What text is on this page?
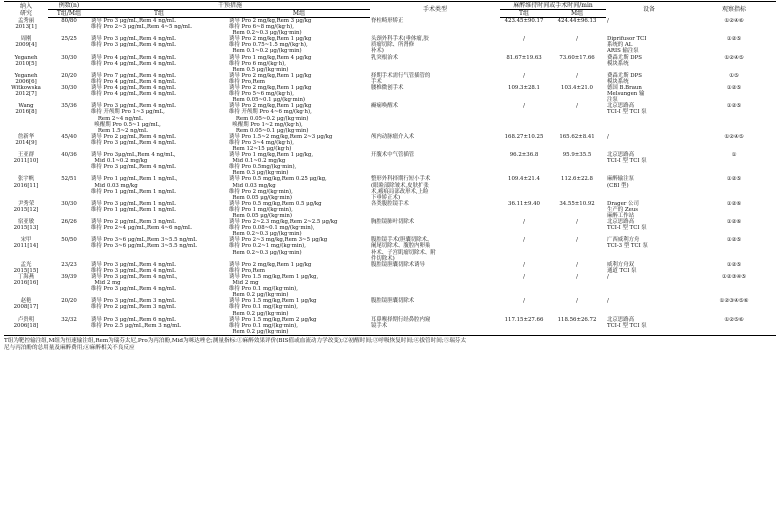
纳入
研究	例数(n)	干预措施		手术类型	麻醉维持时间或手术时间/min		设备	观察指标
	T组/M组	T组	M组		T组	M组		
孟秀丽
2013[1]	80/80	诱导 Pro 3 μg/mL,Rem 4 ng/mL
维持 Pro 2~3 μg/mL,Rem 4~5 ng/mL	诱导 Pro 2 mg/kg,Rem 3 μg/kg
维持 Pro 6~8 mg/(kg·h),
Rem 0.2~0.3 μg/(kg·min)	脊柱畸形矫正	423.45±90.17	424.44±96.13	/	①②④⑥
周刚
2009[4]	25/25	诱导 Pro 3 μg/mL,Rem 4 ng/mL
维持 Pro 3 μg/mL,Rem 4 ng/mL	诱导 Pro 2 mg/kg,Rem 1 μg/kg
维持 Pro 0.75~1.5 mg/(kg·h),
Rem 0.1~0.2 μg/(kg·min)	头颈外科手术(垂体瘤,胶
质瘤切除、所肾修
补术)	/	/	Diprifusor TCI
系统的 AL
ARIS 输注泵	①②⑤
Yeganeh
2010[5]	30/30	诱导 Pro 4 μg/mL,Rem 4 ng/mL
维持 Pro 4 μg/mL,Rem 4 ng/mL	诱导 Pro 1 mg/kg,Rem 4 μg/kg
维持 Pro 6 mg/(kg·h),
Rem 0.5 μg/(kg·min)	乳突根治术	81.67±19.63	73.60±17.66	费森尤斯 DPS
模块系统	①②④⑤
Yeganeh
2006[6]	20/20	诱导 Pro 7 μg/mL,Rem 4 ng/mL
维持 Pro 4 μg/mL,Rem 4 ng/mL	诱导 Pro 2 mg/kg,Rem 1 μg/kg
维持 Pro,Rem	择期手术需行气管插管的
手术	/	/	费森尤斯 DPS
模块系统	①⑤
Witkowska
2012[7]	30/30	诱导 Pro 4 μg/mL,Rem 4 ng/mL
维持 Pro 4 μg/mL,Rem 4 ng/mL	诱导 Pro 2 mg/kg,Rem 1 μg/kg
维持 Pro 5~6 mg/(kg·h),
Rem 0.05~0.1 μg/(kg·min)	腰椎微创手术	109.3±28.1	103.4±21.0	德国 B.Braun
Melsungen 输
注泵	①②⑤
Wang
2016[8]	35/36	诱导 Pro 3 μg/mL,Rem 4 ng/mL
维持 开颅期 Pro 1~3 μg/mL,
Rem 2~4 ng/mL
唤醒期 Pro 0.5~1 μg/mL,
Rem 1.5~2 ng/mL	诱导 Pro 2 mg/kg,Rem 1 μg/kg
维持 开颅期 Pro 4~6 mg/(kg·h),
Rem 0.05~0.2 μg/(kg·min)
唤醒期 Pro 1~2 mg/(kg·h),
Rem 0.05~0.1 μg/(kg·min)	癫痫唤醒术	/	/	北京思路高
TCI-I 型 TCI 泵	①②⑤
詹新华
2014[9]	45/40	诱导 Pro 2 μg/mL,Rem 4 ng/mL
维持 Pro 3 μg/mL,Rem 4 ng/mL	诱导 Pro 1.5~2 mg/kg,Rem 2~3 μg/kg
维持 Pro 3~4 mg/(kg·h),
Rem 12~15 μg/(kg·h)	颅内动脉瘤介入术	168.27±10.25	165.62±8.41	/	①②④⑤
王亚群
2011[10]	40/36	诱导 Pro 3μg/mL,Rem 4 ng/mL,
Mid 0.1~0.2 mg/kg
维持 Pro 3 μg/mL,Rem 4 ng/mL	诱导 Pro 1 mg/kg,Rem 1 μg/kg,
Mid 0.1~0.2 mg/kg
维持 Pro 0.5mg/(kg·min),
Rem 0.3 μg/(kg·min)	开腹术中气管插管	96.2±36.8	95.9±35.5	北京思路高
TCI-I 型 TCI 泵	①
张宇帆
2016[11]	52/51	诱导 Pro 1 μg/mL,Rem 1 ng/mL,
Mid 0.03 mg/kg
维持 Pro 1 μg/mL,Rem 1 ng/mL	诱导 Pro 0.5 mg/kg,Rem 0.25 μg/kg,
Mid 0.03 mg/kg
维持 Pro 2 mg/(kg·min),
Rem 0.05 μg/(kg·min)	整形外科择期行短小手术
(眼睑部除皱术,皮肤扩张
术,瘢痕局部改形术,上睑
下垂矫正术)	109.4±21.4	112.6±22.8	麻醉输注泵
(CBI 型)	①②⑤
尹秀荣
2015[12]	30/30	诱导 Pro 3 μg/mL,Rem 1 ng/mL
维持 Pro 1 μg/mL,Rem 1 ng/mL	诱导 Pro 0.5 mg/kg,Rem 0.5 μg/kg
维持 Pro 1 mg/(kg·min),
Rem 0.05 μg/(kg·min)	各类腹腔镜手术	36.11±9.40	34.55±10.92	Drager 公司
生产的 Zeus
麻醉工作站	①②⑥
宿亚敏
2015[13]	26/26	诱导 Pro 2 μg/mL,Rem 3 ng/mL
维持 Pro 2~4 μg/mL,Rem 4~6 ng/mL	诱导 Pro 2~2.3 mg/kg,Rem 2~2.5 μg/kg
维持 Pro 0.08~0.1 mg/(kg·min),
Rem 0.2~0.3 μg/(kg·min)	胸腔镜肺叶切除术	/	/	北京思路高
TCI-I 型 TCI 泵	①②⑥
宋甲
2011[14]	50/50	诱导 Pro 3~6 μg/mL,Rem 3~5.5 ng/mL
维持 Pro 3~6 μg/mL,Rem 3~5.5 ng/mL	诱导 Pro 2~3 mg/kg,Rem 3~5 μg/kg
维持 Pro 0.2~1 mg/(kg·min),
Rem 0.2~0.3 μg/(kg·min)	腹腔镜手术(胆囊切除术、
阑尾切除术、腹腔内卵巢
补术、子宫肌瘤切除术、附
件切除术)	/	/	广西威利方舟
TCI-3 型 TCI 泵	①②⑤
孟光
2015[15]	23/23	诱导 Pro 3 μg/mL,Rem 4 ng/mL
维持 Pro 3 μg/mL,Rem 4 ng/mL	诱导 Pro 2 mg/kg,Rem 1 μg/kg
维持 Pro,Rem	腹腔镜胆囊切除术诱导	/	/	威利方舟双
通道 TCI 泵	①②⑤
丁海燕
2016[16]	39/39	诱导 Pro 3 μg/mL,Rem 4 ng/mL,
Mid 2 mg
维持 Pro 3 μg/mL,Rem 4 ng/mL	诱导 Pro 1.5 mg/kg,Rem 1 μg/kg,
Mid 2 mg
维持 Pro 0.1 mg/(kg·min),
Rem 0.2 μg/(kg·min)		/	/	/	①②③④⑤
赵艳
2008[17]	20/20	诱导 Pro 3 μg/mL,Rem 3 ng/mL
维持 Pro 2 μg/mL,Rem 3 ng/mL	诱导 Pro 1.5 mg/kg,Rem 1 μg/kg
维持 Pro 0.1 mg/(kg·min),
Rem 0.2 μg/(kg·min)	腹腔镜胆囊切除术	/	/	/	①②③④⑤⑥
卢贵明
2006[18]	32/32	诱导 Pro 3 μg/mL,Rem 6 ng/mL
维持 Pro 2.5 μg/mL,Rem 3 ng/mL	诱导 Pro 1.5 mg/kg,Rem 2 μg/kg
维持 Pro 0.1 mg/(kg·min),
Rem 0.2 μg/(kg·min)	耳鼻喉择期行经鼻腔内窥
镜手术	117.15±27.66	118.56±26.72	北京思路高
TCI-I 型 TCI 泵	①②⑤⑥
T组为靶控输注组,M组为恒速输注组,Rem为瑞芬太尼,Pro为丙泊酚,Mid为咪达唑仑;测量指标:①麻醉效果评价(BIS值或血流动力学改变);②初醒时间;③呼吸恢复时间;④拔管时间;⑤瑞芬太
尼与丙泊酚的总用量及麻醉费用;⑥麻醉相关不良反应
